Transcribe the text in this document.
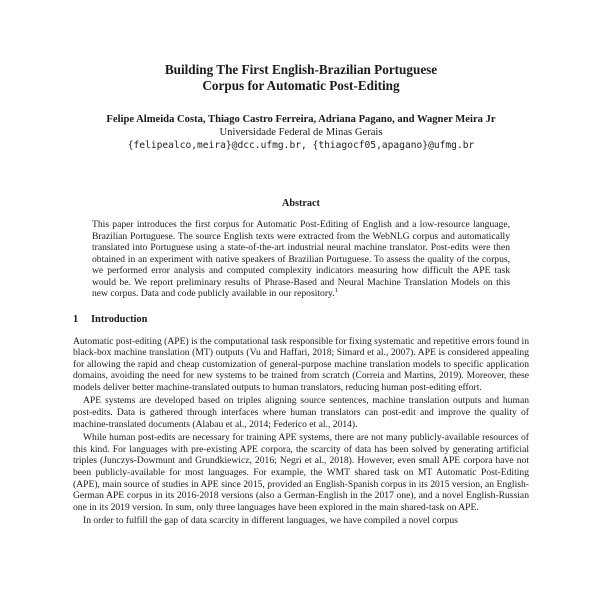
Building The First English-Brazilian Portuguese
Corpus for Automatic Post-Editing
Felipe Almeida Costa, Thiago Castro Ferreira, Adriana Pagano, and Wagner Meira Jr
Universidade Federal de Minas Gerais
{felipealco,meira}@dcc.ufmg.br, {thiagocf05,apagano}@ufmg.br
Abstract
This paper introduces the first corpus for Automatic Post-Editing of English and a low-resource language, Brazilian Portuguese. The source English texts were extracted from the WebNLG corpus and automatically translated into Portuguese using a state-of-the-art industrial neural machine translator. Post-edits were then obtained in an experiment with native speakers of Brazilian Portuguese. To assess the quality of the corpus, we performed error analysis and computed complexity indicators measuring how difficult the APE task would be. We report preliminary results of Phrase-Based and Neural Machine Translation Models on this new corpus. Data and code publicly available in our repository.$^1$
1 Introduction
Automatic post-editing (APE) is the computational task responsible for fixing systematic and repetitive errors found in black-box machine translation (MT) outputs (Vu and Haffari, 2018; Simard et al., 2007). APE is considered appealing for allowing the rapid and cheap customization of general-purpose machine translation models to specific application domains, avoiding the need for new systems to be trained from scratch (Correia and Martins, 2019). Moreover, these models deliver better machine-translated outputs to human translators, reducing human post-editing effort.
APE systems are developed based on triples aligning source sentences, machine translation outputs and human post-edits. Data is gathered through interfaces where human translators can post-edit and improve the quality of machine-translated documents (Alabau et al., 2014; Federico et al., 2014).
While human post-edits are necessary for training APE systems, there are not many publicly-available resources of this kind. For languages with pre-existing APE corpora, the scarcity of data has been solved by generating artificial triples (Junczys-Dowmunt and Grundkiewicz, 2016; Negri et al., 2018). However, even small APE corpora have not been publicly-available for most languages. For example, the WMT shared task on MT Automatic Post-Editing (APE), main source of studies in APE since 2015, provided an English-Spanish corpus in its 2015 version, an English-German APE corpus in its 2016-2018 versions (also a German-English in the 2017 one), and a novel English-Russian one in its 2019 version. In sum, only three languages have been explored in the main shared-task on APE.
In order to fulfill the gap of data scarcity in different languages, we have compiled a novel corpus
